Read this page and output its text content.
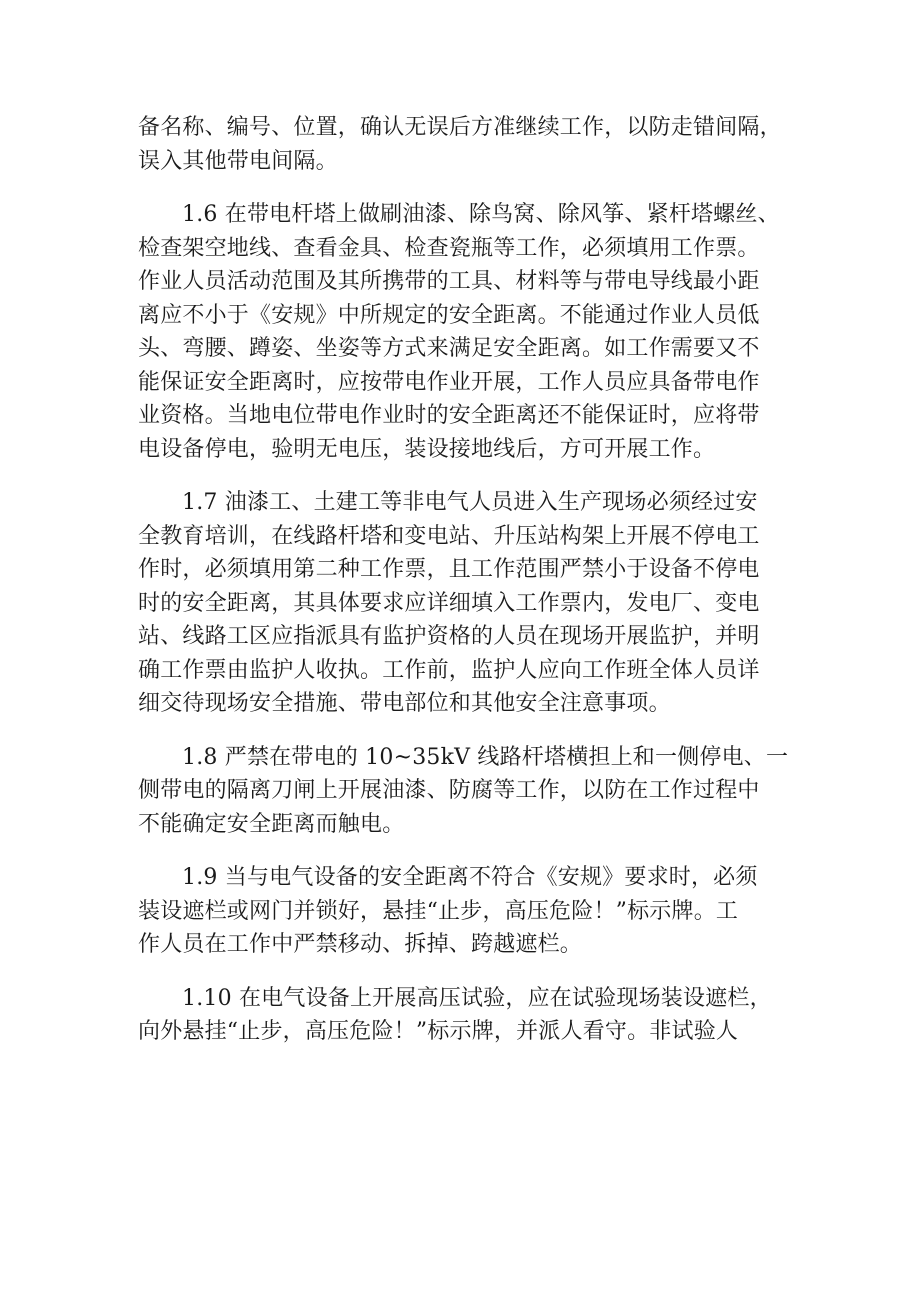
备名称、编号、位置，确认无误后方准继续工作，以防走错间隔，
误入其他带电间隔。
1.6 在带电杆塔上做刷油漆、除鸟窝、除风筝、紧杆塔螺丝、
检查架空地线、查看金具、检查瓷瓶等工作，必须填用工作票。
作业人员活动范围及其所携带的工具、材料等与带电导线最小距
离应不小于《安规》中所规定的安全距离。不能通过作业人员低
头、弯腰、蹲姿、坐姿等方式来满足安全距离。如工作需要又不
能保证安全距离时，应按带电作业开展，工作人员应具备带电作
业资格。当地电位带电作业时的安全距离还不能保证时，应将带
电设备停电，验明无电压，装设接地线后，方可开展工作。
1.7 油漆工、土建工等非电气人员进入生产现场必须经过安
全教育培训，在线路杆塔和变电站、升压站构架上开展不停电工
作时，必须填用第二种工作票，且工作范围严禁小于设备不停电
时的安全距离，其具体要求应详细填入工作票内，发电厂、变电
站、线路工区应指派具有监护资格的人员在现场开展监护，并明
确工作票由监护人收执。工作前，监护人应向工作班全体人员详
细交待现场安全措施、带电部位和其他安全注意事项。
1.8 严禁在带电的 10~35kV 线路杆塔横担上和一侧停电、一
侧带电的隔离刀闸上开展油漆、防腐等工作，以防在工作过程中
不能确定安全距离而触电。
1.9 当与电气设备的安全距离不符合《安规》要求时，必须
装设遮栏或网门并锁好，悬挂“止步，高压危险！”标示牌。工
作人员在工作中严禁移动、拆掉、跨越遮栏。
1.10 在电气设备上开展高压试验，应在试验现场装设遮栏，
向外悬挂“止步，高压危险！”标示牌，并派人看守。非试验人
